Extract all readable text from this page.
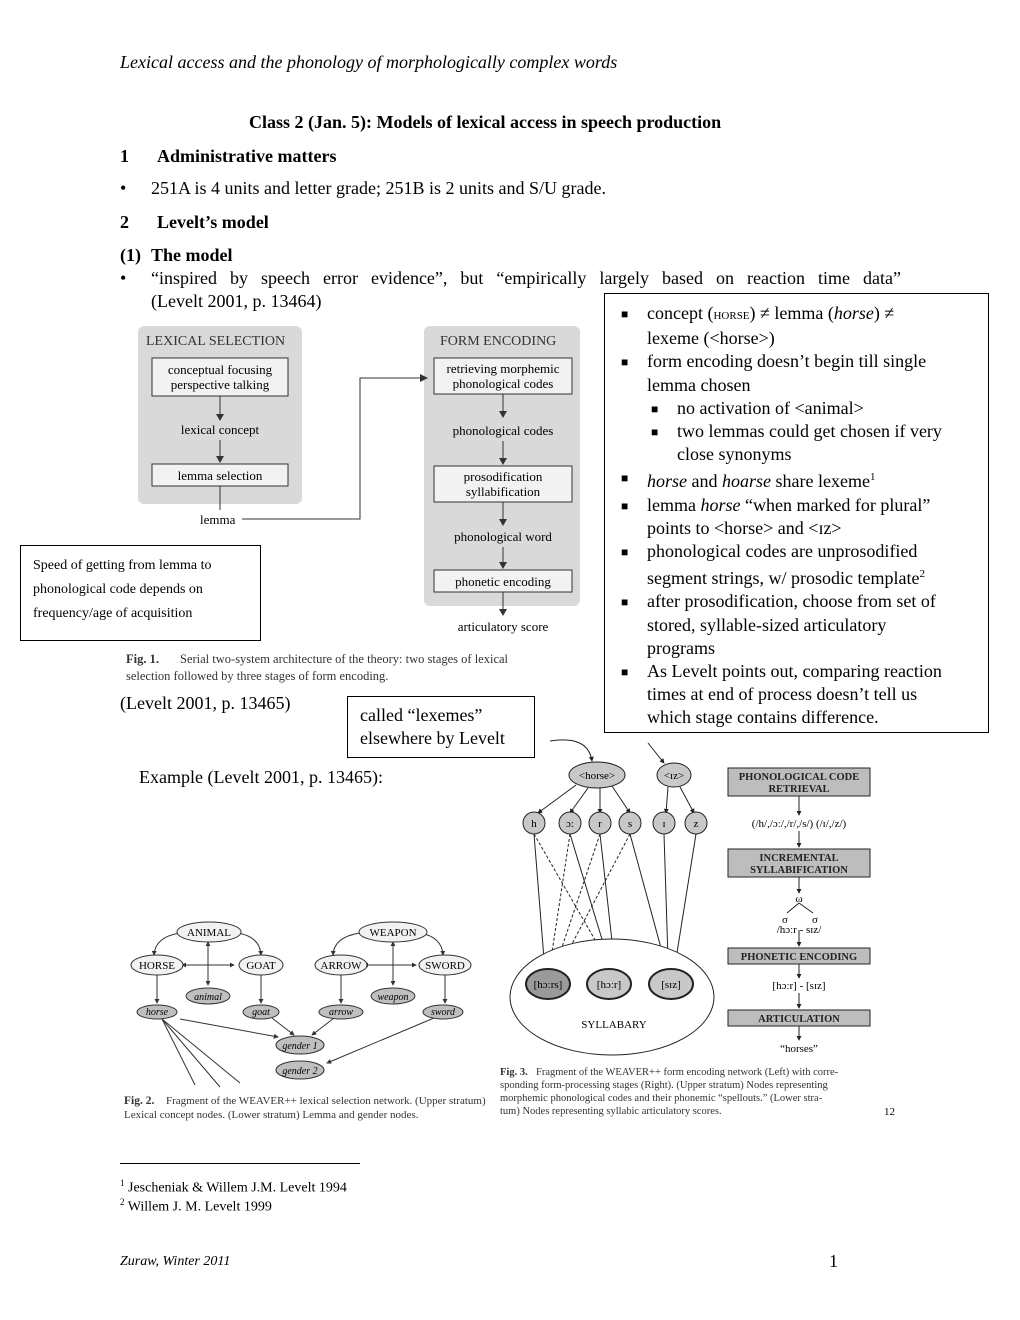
Lexical access and the phonology of morphologically complex words
Class 2 (Jan. 5): Models of lexical access in speech production
1 Administrative matters
• 251A is 4 units and letter grade; 251B is 2 units and S/U grade.
2 Levelt’s model
(1) The model
• “inspired by speech error evidence”, but “empirically largely based on reaction time data”
(Levelt 2001, p. 13464)
LEXICAL SELECTION	FORM ENCODING
conceptual focusing
perspective talking
lexical concept
lemma selection
lemma
retrieving morphemic
phonological codes
phonological codes
prosodification
syllabification
phonological word
phonetic encoding
articulatory score
Fig. 1. Serial two-system architecture of the theory: two stages of lexical
selection followed by three stages of form encoding.
Speed of getting from lemma to
phonological code depends on
frequency/age of acquisition
(Levelt 2001, p. 13465)
■ concept (horse) ≠ lemma (horse) ≠
lexeme (<horse>)
■ form encoding doesn’t begin till single
lemma chosen
■ no activation of <animal>
■ two lemmas could get chosen if very
close synonyms
■ horse and hoarse share lexeme$^1$
■ lemma horse “when marked for plural”
points to <horse> and <ɪz>
■ phonological codes are unprosodified
segment strings, w/ prosodic template$^2$
■ after prosodification, choose from set of
stored, syllable-sized articulatory
programs
■ As Levelt points out, comparing reaction
times at end of process doesn’t tell us
which stage contains difference.
called “lexemes”
elsewhere by Levelt
Example (Levelt 2001, p. 13465):
ANIMAL	WEAPON
HORSE	GOAT	ARROW	SWORD
animal	weapon
horse	goat	arrow	sword
gender 1
gender 2
Fig. 2. Fragment of the WEAVER++ lexical selection network. (Upper stratum)
Lexical concept nodes. (Lower stratum) Lemma and gender nodes.
<horse>	<ɪz>
h	ɔ: r s	ɪ	z
[hɔːrs]	[hɔːr]	[sɪz]
SYLLABARY
PHONOLOGICAL CODE
RETRIEVAL
INCREMENTAL
SYLLABIFICATION
PHONETIC ENCODING
ARTICULATION
(/h/,/ɔː/,/r/,/s/) (/ɪ/,/z/)
ω
σ σ
/hɔːr - sɪz/
[hɔːr] - [sɪz]
“horses”
Fig. 3. Fragment of the WEAVER++ form encoding network (Left) with corre-
sponding form-processing stages (Right). (Upper stratum) Nodes representing
morphemic phonological codes and their phonemic “spellouts.” (Lower stra-
tum) Nodes representing syllabic articulatory scores.	12
$^1$ Jescheniak & Willem J.M. Levelt 1994
$^2$ Willem J. M. Levelt 1999
Zuraw, Winter 2011	1
